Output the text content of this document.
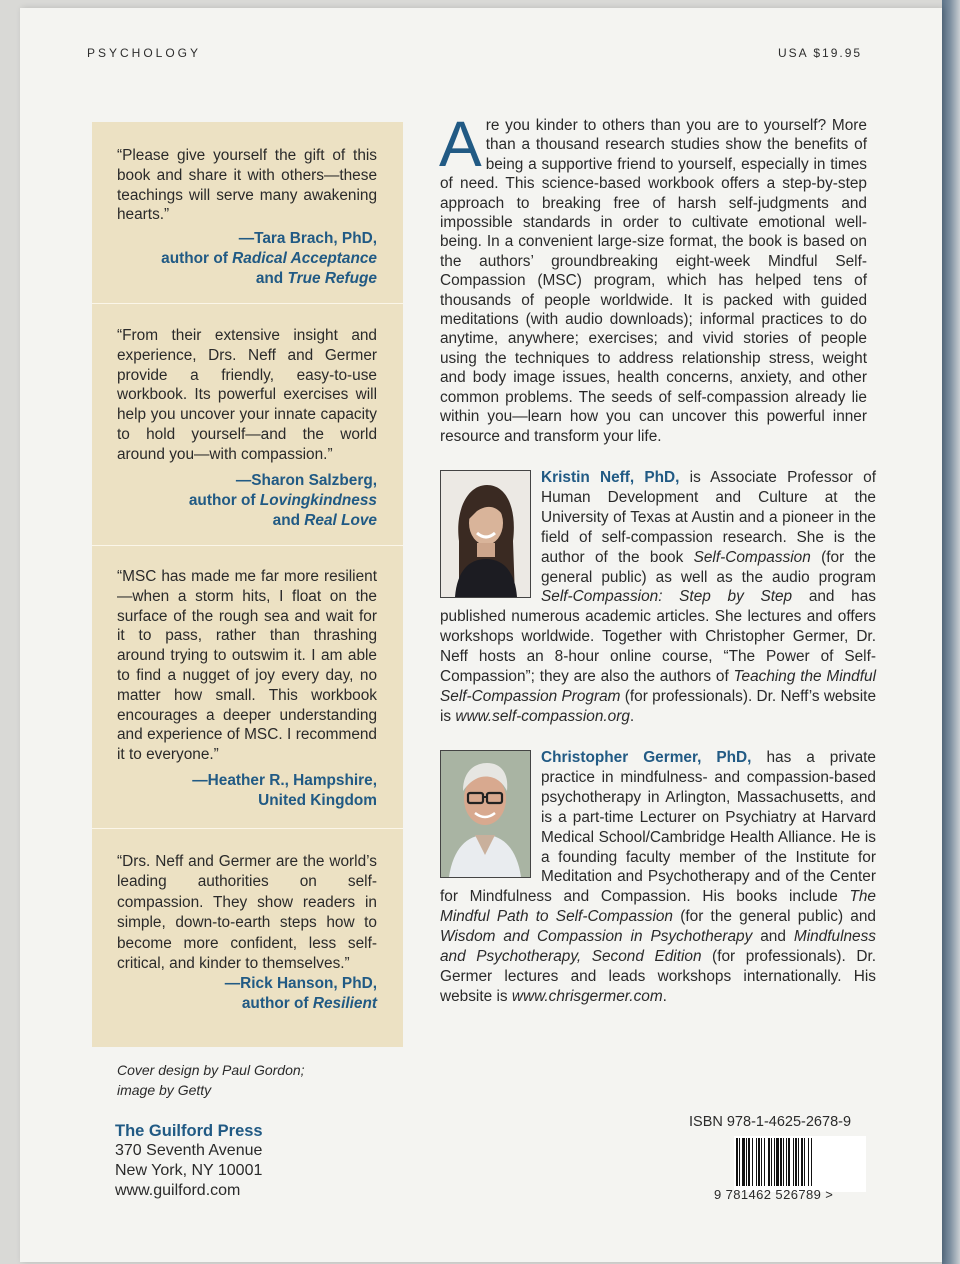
PSYCHOLOGY	USA $19.95
“Please give yourself the gift of this book and share it with others—these teachings will serve many awakening hearts.”
—Tara Brach, PhD,
author of Radical Acceptance
and True Refuge
“From their extensive insight and experience, Drs. Neff and Germer provide a friendly, easy-to-use workbook. Its powerful exercises will help you uncover your innate capacity to hold yourself—and the world around you—with compassion.”
—Sharon Salzberg,
author of Lovingkindness
and Real Love
“MSC has made me far more resilient—when a storm hits, I float on the surface of the rough sea and wait for it to pass, rather than thrashing around trying to outswim it. I am able to find a nugget of joy every day, no matter how small. This workbook encourages a deeper understanding and experience of MSC. I recommend it to everyone.”
—Heather R., Hampshire,
United Kingdom
“Drs. Neff and Germer are the world’s leading authorities on self-compassion. They show readers in simple, down-to-earth steps how to become more confident, less self-critical, and kinder to themselves.”
—Rick Hanson, PhD,
author of Resilient
Are you kinder to others than you are to yourself? More than a thousand research studies show the benefits of being a supportive friend to yourself, especially in times of need. This science-based workbook offers a step-by-step approach to breaking free of harsh self-judgments and impossible standards in order to cultivate emotional well-being. In a convenient large-size format, the book is based on the authors’ groundbreaking eight-week Mindful Self-Compassion (MSC) program, which has helped tens of thousands of people worldwide. It is packed with guided meditations (with audio downloads); informal practices to do anytime, anywhere; exercises; and vivid stories of people using the techniques to address relationship stress, weight and body image issues, health concerns, anxiety, and other common problems. The seeds of self-compassion already lie within you—learn how you can uncover this powerful inner resource and transform your life.
Kristin Neff, PhD, is Associate Professor of Human Development and Culture at the University of Texas at Austin and a pioneer in the field of self-compassion research. She is the author of the book Self-Compassion (for the general public) as well as the audio program Self-Compassion: Step by Step and has published numerous academic articles. She lectures and offers workshops worldwide. Together with Christopher Germer, Dr. Neff hosts an 8-hour online course, “The Power of Self-Compassion”; they are also the authors of Teaching the Mindful Self-Compassion Program (for professionals). Dr. Neff’s website is www.self-compassion.org.
Christopher Germer, PhD, has a private practice in mindfulness- and compassion-based psychotherapy in Arlington, Massachusetts, and is a part-time Lecturer on Psychiatry at Harvard Medical School/Cambridge Health Alliance. He is a founding faculty member of the Institute for Meditation and Psychotherapy and of the Center for Mindfulness and Compassion. His books include The Mindful Path to Self-Compassion (for the general public) and Wisdom and Compassion in Psychotherapy and Mindfulness and Psychotherapy, Second Edition (for professionals). Dr. Germer lectures and leads workshops internationally. His website is www.chrisgermer.com.
Cover design by Paul Gordon;
image by Getty
The Guilford Press
370 Seventh Avenue
New York, NY 10001
www.guilford.com
ISBN 978-1-4625-2678-9
9 781462 526789 >
